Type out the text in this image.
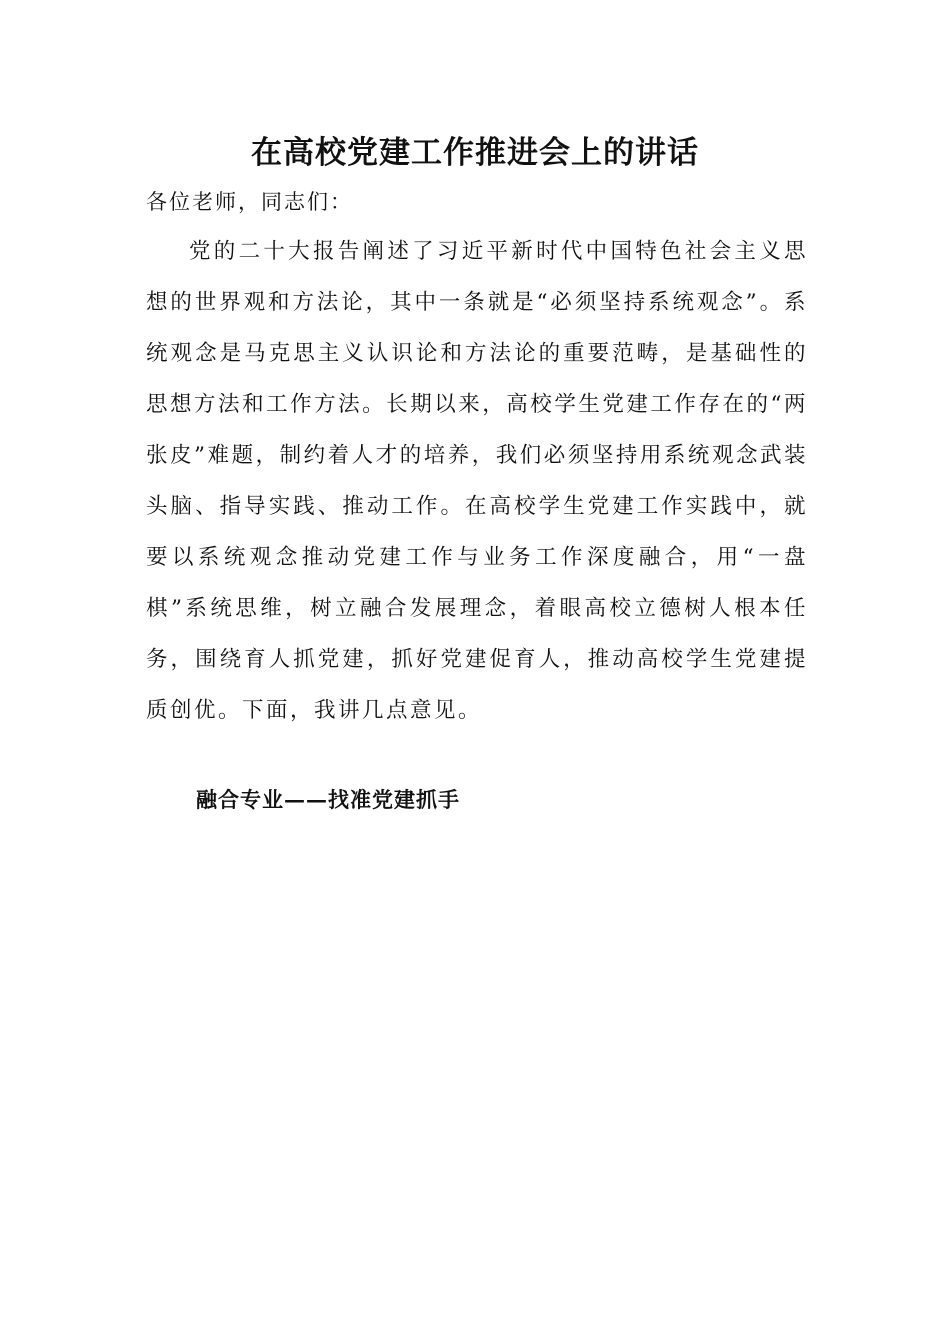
在高校党建工作推进会上的讲话

各位老师，同志们：

党的二十大报告阐述了习近平新时代中国特色社会主义思想的世界观和方法论，其中一条就是“必须坚持系统观念”。系统观念是马克思主义认识论和方法论的重要范畴，是基础性的思想方法和工作方法。长期以来，高校学生党建工作存在的“两张皮”难题，制约着人才的培养，我们必须坚持用系统观念武装头脑、指导实践、推动工作。在高校学生党建工作实践中，就要以系统观念推动党建工作与业务工作深度融合，用“一盘棋”系统思维，树立融合发展理念，着眼高校立德树人根本任务，围绕育人抓党建，抓好党建促育人，推动高校学生党建提质创优。下面，我讲几点意见。

融合专业——找准党建抓手
